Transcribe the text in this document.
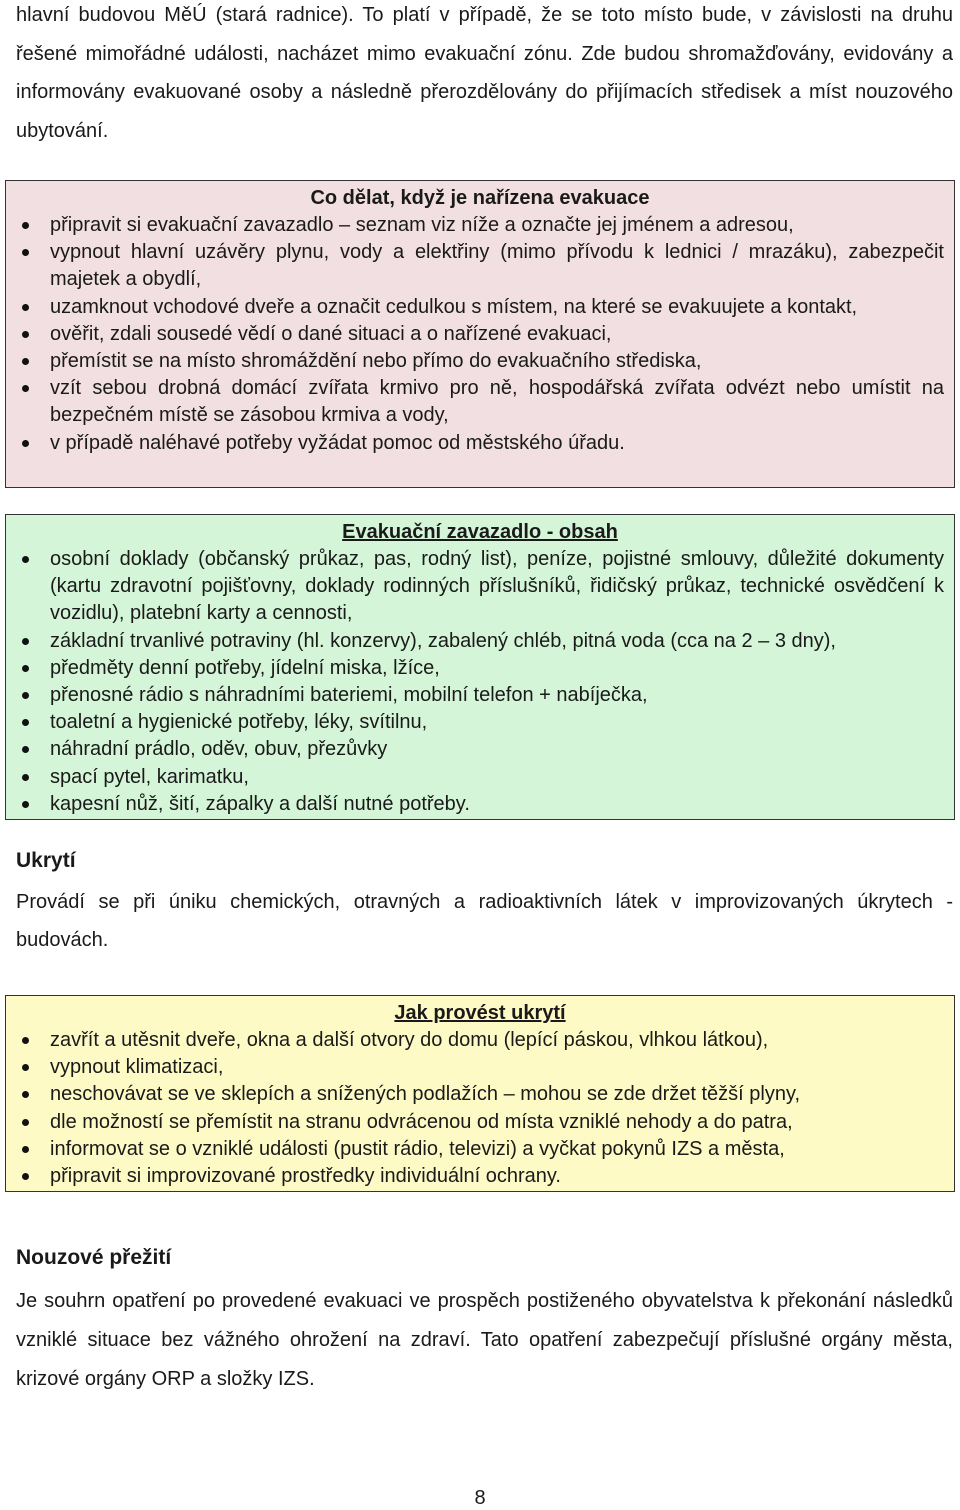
hlavní budovou MěÚ (stará radnice). To platí v případě, že se toto místo bude, v závislosti na druhu řešené mimořádné události, nacházet mimo evakuační zónu. Zde budou shromažďovány, evidovány a informovány evakuované osoby a následně přerozdělovány do přijímacích středisek a míst nouzového ubytování.

Co dělat, když je nařízena evakuace

připravit si evakuační zavazadlo – seznam viz níže a označte jej jménem a adresou,
vypnout hlavní uzávěry plynu, vody a elektřiny (mimo přívodu k lednici / mrazáku), zabezpečit majetek a obydlí,
uzamknout vchodové dveře a označit cedulkou s místem, na které se evakuujete a kontakt,
ověřit, zdali sousedé vědí o dané situaci a o nařízené evakuaci,
přemístit se na místo shromáždění nebo přímo do evakuačního střediska,
vzít sebou drobná domácí zvířata krmivo pro ně, hospodářská zvířata odvézt nebo umístit na bezpečném místě se zásobou krmiva a vody,
v případě naléhavé potřeby vyžádat pomoc od městského úřadu.

Evakuační zavazadlo - obsah

osobní doklady (občanský průkaz, pas, rodný list), peníze, pojistné smlouvy, důležité dokumenty (kartu zdravotní pojišťovny, doklady rodinných příslušníků, řidičský průkaz, technické osvědčení k vozidlu), platební karty a cennosti,
základní trvanlivé potraviny (hl. konzervy), zabalený chléb, pitná voda (cca na 2 – 3 dny),
předměty denní potřeby, jídelní miska, lžíce,
přenosné rádio s náhradními bateriemi, mobilní telefon + nabíječka,
toaletní a hygienické potřeby, léky, svítilnu,
náhradní prádlo, oděv, obuv, přezůvky
spací pytel, karimatku,
kapesní nůž, šití, zápalky a další nutné potřeby.
Ukrytí

Provádí se při úniku chemických, otravných a radioaktivních látek v improvizovaných úkrytech - budovách.

Jak provést ukrytí

zavřít a utěsnit dveře, okna a další otvory do domu (lepící páskou, vlhkou látkou),
vypnout klimatizaci,
neschovávat se ve sklepích a snížených podlažích – mohou se zde držet těžší plyny,
dle možností se přemístit na stranu odvrácenou od místa vzniklé nehody a do patra,
informovat se o vzniklé události (pustit rádio, televizi) a vyčkat pokynů IZS a města,
připravit si improvizované prostředky individuální ochrany.
Nouzové přežití

Je souhrn opatření po provedené evakuaci ve prospěch postiženého obyvatelstva k překonání následků vzniklé situace bez vážného ohrožení na zdraví. Tato opatření zabezpečují příslušné orgány města, krizové orgány ORP a složky IZS.

8
